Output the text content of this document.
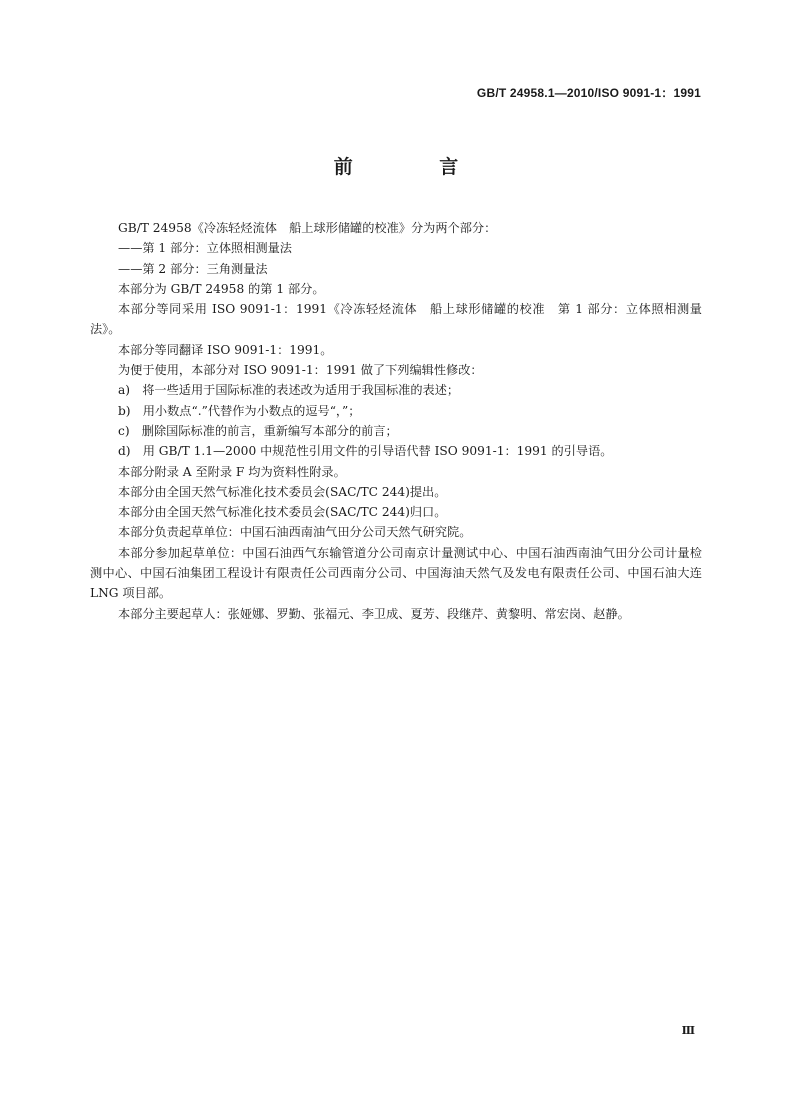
GB/T 24958.1—2010/ISO 9091-1：1991
前 言

GB/T 24958《冷冻轻烃流体　船上球形储罐的校准》分为两个部分：

——第 1 部分：立体照相测量法

——第 2 部分：三角测量法

本部分为 GB/T 24958 的第 1 部分。

本部分等同采用 ISO 9091-1：1991《冷冻轻烃流体　船上球形储罐的校准　第 1 部分：立体照相测量法》。

本部分等同翻译 ISO 9091-1：1991。

为便于使用，本部分对 ISO 9091-1：1991 做了下列编辑性修改：

a)　将一些适用于国际标准的表述改为适用于我国标准的表述；

b)　用小数点“.”代替作为小数点的逗号“，”；

c)　删除国际标准的前言，重新编写本部分的前言；

d)　用 GB/T 1.1—2000 中规范性引用文件的引导语代替 ISO 9091-1：1991 的引导语。

本部分附录 A 至附录 F 均为资料性附录。

本部分由全国天然气标准化技术委员会(SAC/TC 244)提出。

本部分由全国天然气标准化技术委员会(SAC/TC 244)归口。

本部分负责起草单位：中国石油西南油气田分公司天然气研究院。

本部分参加起草单位：中国石油西气东输管道分公司南京计量测试中心、中国石油西南油气田分公司计量检测中心、中国石油集团工程设计有限责任公司西南分公司、中国海油天然气及发电有限责任公司、中国石油大连 LNG 项目部。

本部分主要起草人：张娅娜、罗勤、张福元、李卫成、夏芳、段继芹、黄黎明、常宏岗、赵静。

Ⅲ
